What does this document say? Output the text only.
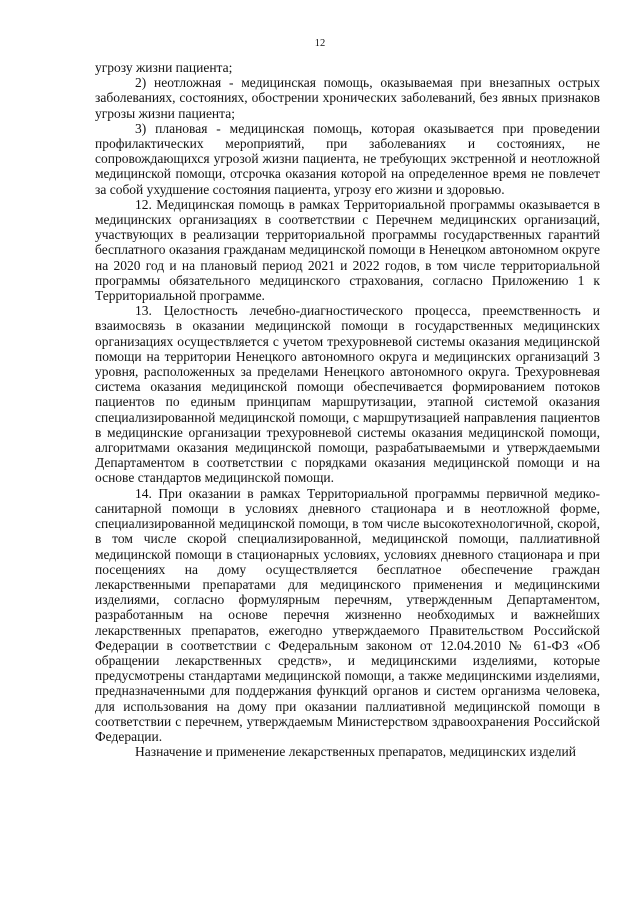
12

угрозу жизни пациента;

2) неотложная - медицинская помощь, оказываемая при внезапных острых заболеваниях, состояниях, обострении хронических заболеваний, без явных признаков угрозы жизни пациента;

3) плановая - медицинская помощь, которая оказывается при проведении профилактических мероприятий, при заболеваниях и состояниях, не сопровождающихся угрозой жизни пациента, не требующих экстренной и неотложной медицинской помощи, отсрочка оказания которой на определенное время не повлечет за собой ухудшение состояния пациента, угрозу его жизни и здоровью.

12. Медицинская помощь в рамках Территориальной программы оказывается в медицинских организациях в соответствии с Перечнем медицинских организаций, участвующих в реализации территориальной программы государственных гарантий бесплатного оказания гражданам медицинской помощи в Ненецком автономном округе на 2020 год и на плановый период 2021 и 2022 годов, в том числе территориальной программы обязательного медицинского страхования, согласно Приложению 1 к Территориальной программе.

13. Целостность лечебно-диагностического процесса, преемственность и взаимосвязь в оказании медицинской помощи в государственных медицинских организациях осуществляется с учетом трехуровневой системы оказания медицинской помощи на территории Ненецкого автономного округа и медицинских организаций 3 уровня, расположенных за пределами Ненецкого автономного округа. Трехуровневая система оказания медицинской помощи обеспечивается формированием потоков пациентов по единым принципам маршрутизации, этапной системой оказания специализированной медицинской помощи, с маршрутизацией направления пациентов в медицинские организации трехуровневой системы оказания медицинской помощи, алгоритмами оказания медицинской помощи, разрабатываемыми и утверждаемыми Департаментом в соответствии с порядками оказания медицинской помощи и на основе стандартов медицинской помощи.

14. При оказании в рамках Территориальной программы первичной медико-санитарной помощи в условиях дневного стационара и в неотложной форме, специализированной медицинской помощи, в том числе высокотехнологичной, скорой, в том числе скорой специализированной, медицинской помощи, паллиативной медицинской помощи в стационарных условиях, условиях дневного стационара и при посещениях на дому осуществляется бесплатное обеспечение граждан лекарственными препаратами для медицинского применения и медицинскими изделиями, согласно формулярным перечням, утвержденным Департаментом, разработанным на основе перечня жизненно необходимых и важнейших лекарственных препаратов, ежегодно утверждаемого Правительством Российской Федерации в соответствии с Федеральным законом от 12.04.2010 № 61-ФЗ «Об обращении лекарственных средств», и медицинскими изделиями, которые предусмотрены стандартами медицинской помощи, а также медицинскими изделиями, предназначенными для поддержания функций органов и систем организма человека, для использования на дому при оказании паллиативной медицинской помощи в соответствии с перечнем, утверждаемым Министерством здравоохранения Российской Федерации.

Назначение и применение лекарственных препаратов, медицинских изделий
